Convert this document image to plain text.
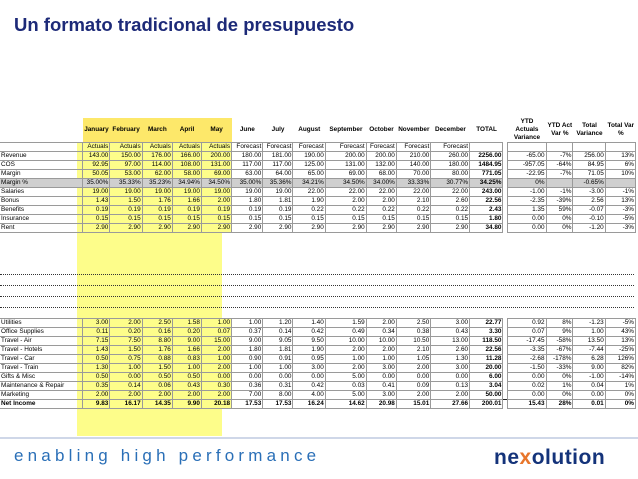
Un formato tradicional de presupuesto
	January	February	March	April	May	June	July	August	September	October	November	December	TOTAL		YTD Actuals Variance	YTD Act Var %	Total Variance	Total Var %
	Actuals	Actuals	Actuals	Actuals	Actuals	Forecast	Forecast	Forecast	Forecast	Forecast	Forecast	Forecast						
Revenue	143.00	150.00	176.00	166.00	200.00	180.00	181.00	190.00	200.00	200.00	210.00	260.00	2256.00		-65.00	-7%	256.00	13%
COS	92.95	97.00	114.00	108.00	131.00	117.00	117.00	125.00	131.00	132.00	140.00	180.00	1484.95		-957.05	-64%	84.95	6%
Margin	50.05	53.00	62.00	58.00	69.00	63.00	64.00	65.00	69.00	68.00	70.00	80.00	771.05		-22.95	-7%	71.05	10%
Margin %	35.00%	35.33%	35.23%	34.94%	34.50%	35.00%	35.36%	34.21%	34.50%	34.00%	33.33%	30.77%	34.25%		0%		-0.65%	
Salaries	19.00	19.00	19.00	19.00	19.00	19.00	19.00	22.00	22.00	22.00	22.00	22.00	243.00		-1.00	-1%	-3.00	-1%
Bonus	1.43	1.50	1.76	1.66	2.00	1.80	1.81	1.90	2.00	2.00	2.10	2.60	22.56		-2.35	-39%	2.56	13%
Benefits	0.19	0.19	0.19	0.19	0.19	0.19	0.19	0.22	0.22	0.22	0.22	0.22	2.43		1.35	59%	-0.07	-3%
Insurance	0.15	0.15	0.15	0.15	0.15	0.15	0.15	0.15	0.15	0.15	0.15	0.15	1.80		0.00	0%	-0.10	-5%
Rent	2.90	2.90	2.90	2.90	2.90	2.90	2.90	2.90	2.90	2.90	2.90	2.90	34.80		0.00	0%	-1.20	-3%
Utilities	3.00	2.00	2.50	1.58	1.00	1.00	1.20	1.40	1.59	2.00	2.50	3.00	22.77		0.92	8%	-1.23	-5%
Office Supplies	0.11	0.20	0.16	0.20	0.07	0.37	0.14	0.42	0.49	0.34	0.38	0.43	3.30		0.07	9%	1.00	43%
Travel - Air	7.15	7.50	8.80	9.00	15.00	9.00	9.05	9.50	10.00	10.00	10.50	13.00	118.50		-17.45	-58%	13.50	13%
Travel - Hotels	1.43	1.50	1.76	1.66	2.00	1.80	1.81	1.90	2.00	2.00	2.10	2.60	22.56		-3.35	-67%	-7.44	-25%
Travel - Car	0.50	0.75	0.88	0.83	1.00	0.90	0.91	0.95	1.00	1.00	1.05	1.30	11.28		-2.68	-178%	6.28	126%
Travel - Train	1.30	1.00	1.50	1.00	2.00	1.00	1.00	3.00	2.00	3.00	2.00	3.00	20.00		-1.50	-33%	9.00	82%
Gifts & Misc	0.50	0.00	0.50	0.50	0.00	0.00	0.00	0.00	5.00	0.00	0.00	0.00	6.00		0.00	0%	-1.00	-14%
Maintenance & Repair	0.35	0.14	0.06	0.43	0.30	0.36	0.31	0.42	0.03	0.41	0.09	0.13	3.04		0.02	1%	0.04	1%
Marketing	2.00	2.00	2.00	2.00	2.00	7.00	8.00	4.00	5.00	3.00	2.00	2.00	50.00		0.00	0%	0.00	0%
Net Income	9.83	16.17	14.35	9.90	20.18	17.53	17.53	16.24	14.62	20.98	15.01	27.66	200.01		15.43	28%	0.01	0%
enabling high performance	nexolution
